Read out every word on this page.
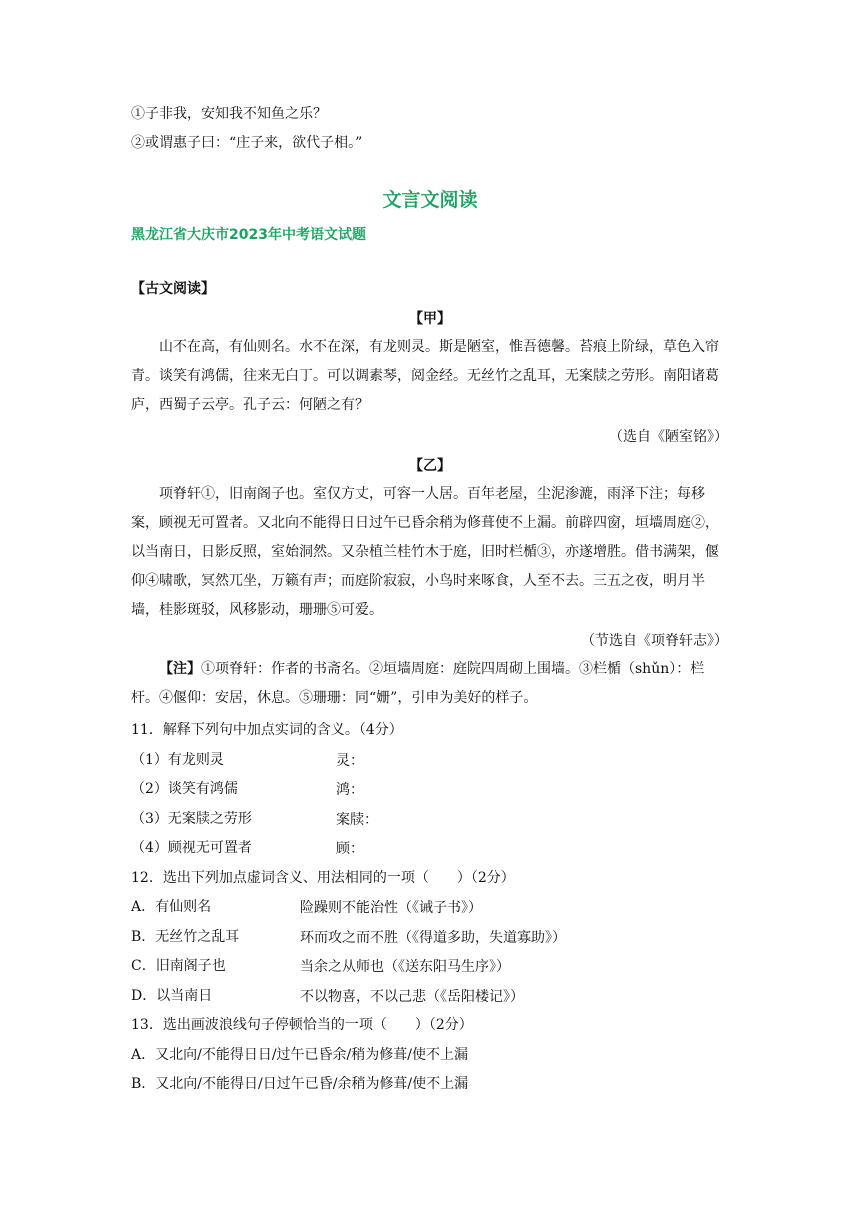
①子非我，安知我不知鱼之乐？
②或谓惠子曰：“庄子来，欲代子相。”
文言文阅读
黑龙江省大庆市2023年中考语文试题
【古文阅读】
【甲】
山不在高，有仙则名。水不在深，有龙则灵。斯是陋室，惟吾德馨。苔痕上阶绿，草色入帘青。谈笑有鸿儒，往来无白丁。可以调素琴，阅金经。无丝竹之乱耳，无案牍之劳形。南阳诸葛庐，西蜀子云亭。孔子云：何陋之有？
（选自《陋室铭》）
【乙】
项脊轩①，旧南阁子也。室仅方丈，可容一人居。百年老屋，尘泥渗漉，雨泽下注；每移案，顾视无可置者。又北向不能得日日过午已昏余稍为修葺使不上漏。前辟四窗，垣墙周庭②，以当南日，日影反照，室始洞然。又杂植兰桂竹木于庭，旧时栏楯③，亦遂增胜。借书满架，偃仰④啸歌，冥然兀坐，万籁有声；而庭阶寂寂，小鸟时来啄食，人至不去。三五之夜，明月半墙，桂影斑驳，风移影动，珊珊⑤可爱。
（节选自《项脊轩志》）
【注】①项脊轩：作者的书斋名。②垣墙周庭：庭院四周砌上围墙。③栏楯（shǔn）：栏杆。④偃仰：安居，休息。⑤珊珊：同“姗”，引申为美好的样子。
11．解释下列句中加点实词的含义。（4分）
（1）有龙则灵	灵：
（2）谈笑有鸿儒	鸿：
（3）无案牍之劳形	案牍：
（4）顾视无可置者	顾：
12．选出下列加点虚词含义、用法相同的一项（　　）（2分）
A．有仙则名	险躁则不能治性（《诫子书》）
B．无丝竹之乱耳	环而攻之而不胜（《得道多助，失道寡助》）
C．旧南阁子也	当余之从师也（《送东阳马生序》）
D．以当南日	不以物喜，不以己悲（《岳阳楼记》）
13．选出画波浪线句子停顿恰当的一项（　　）（2分）
A．又北向/不能得日日/过午已昏余/稍为修葺/使不上漏
B．又北向/不能得日/日过午已昏/余稍为修葺/使不上漏
